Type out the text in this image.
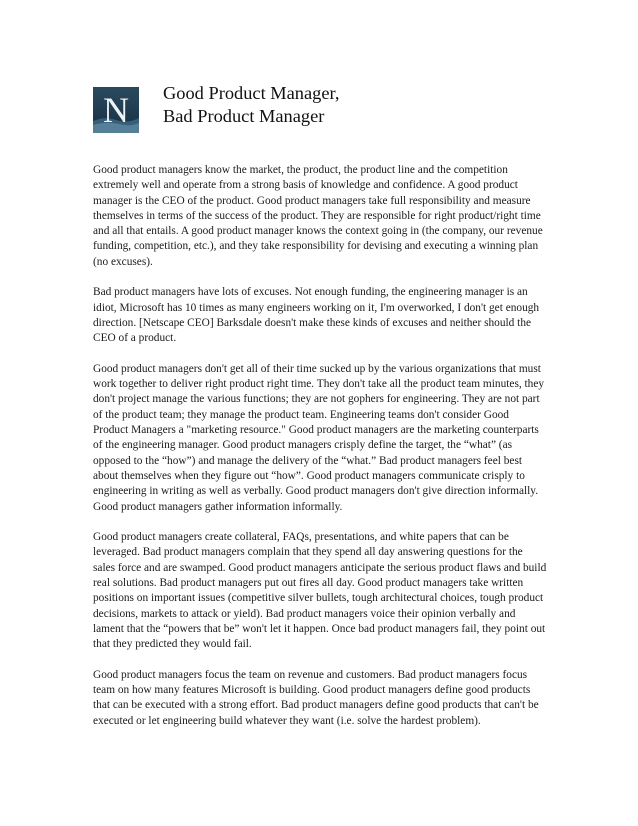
N Good Product Manager,
Bad Product Manager

Good product managers know the market, the product, the product line and the competition extremely well and operate from a strong basis of knowledge and confidence. A good product manager is the CEO of the product. Good product managers take full responsibility and measure themselves in terms of the success of the product. They are responsible for right product/right time and all that entails. A good product manager knows the context going in (the company, our revenue funding, competition, etc.), and they take responsibility for devising and executing a winning plan (no excuses).

Bad product managers have lots of excuses. Not enough funding, the engineering manager is an idiot, Microsoft has 10 times as many engineers working on it, I'm overworked, I don't get enough direction. [Netscape CEO] Barksdale doesn't make these kinds of excuses and neither should the CEO of a product.

Good product managers don't get all of their time sucked up by the various organizations that must work together to deliver right product right time. They don't take all the product team minutes, they don't project manage the various functions; they are not gophers for engineering. They are not part of the product team; they manage the product team. Engineering teams don't consider Good Product Managers a "marketing resource." Good product managers are the marketing counterparts of the engineering manager. Good product managers crisply define the target, the “what” (as opposed to the “how”) and manage the delivery of the “what.” Bad product managers feel best about themselves when they figure out “how”. Good product managers communicate crisply to engineering in writing as well as verbally. Good product managers don't give direction informally. Good product managers gather information informally.

Good product managers create collateral, FAQs, presentations, and white papers that can be leveraged. Bad product managers complain that they spend all day answering questions for the sales force and are swamped. Good product managers anticipate the serious product flaws and build real solutions. Bad product managers put out fires all day. Good product managers take written positions on important issues (competitive silver bullets, tough architectural choices, tough product decisions, markets to attack or yield). Bad product managers voice their opinion verbally and lament that the “powers that be” won't let it happen. Once bad product managers fail, they point out that they predicted they would fail.

Good product managers focus the team on revenue and customers. Bad product managers focus team on how many features Microsoft is building. Good product managers define good products that can be executed with a strong effort. Bad product managers define good products that can't be executed or let engineering build whatever they want (i.e. solve the hardest problem).
